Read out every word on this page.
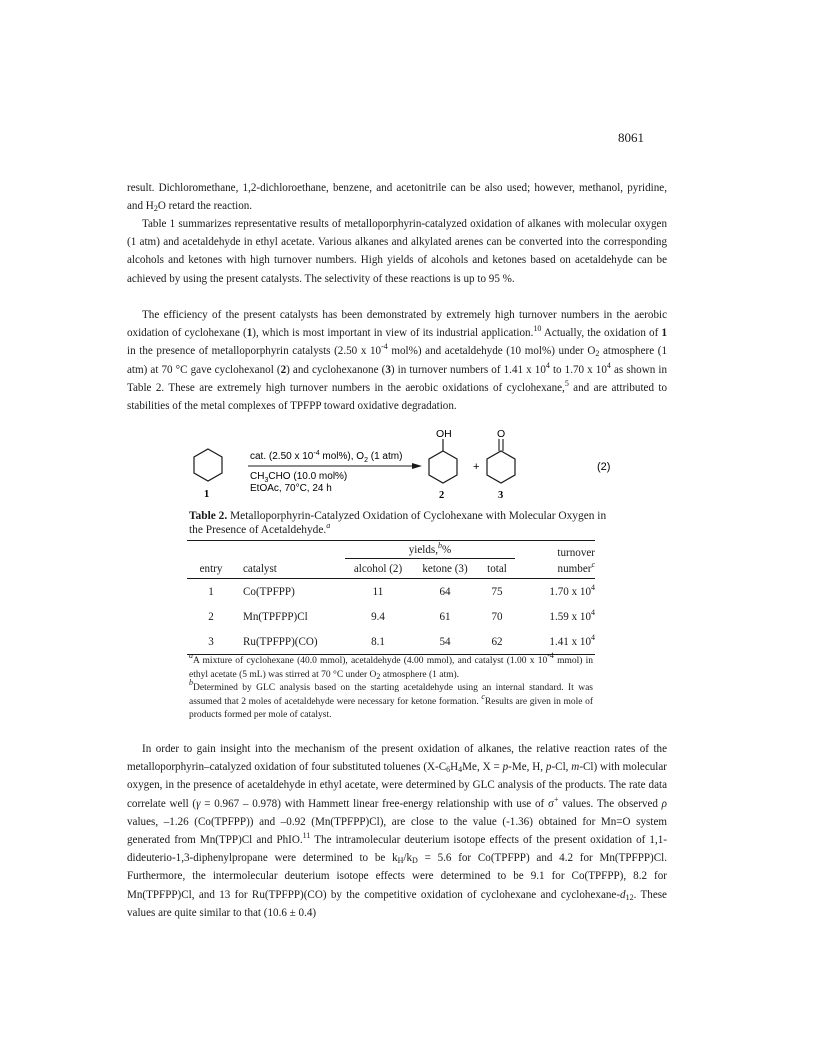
8061

result. Dichloromethane, 1,2-dichloroethane, benzene, and acetonitrile can be also used; however, methanol, pyridine, and $H_2O$ retard the reaction.

Table 1 summarizes representative results of metalloporphyrin-catalyzed oxidation of alkanes with molecular oxygen (1 atm) and acetaldehyde in ethyl acetate. Various alkanes and alkylated arenes can be converted into the corresponding alcohols and ketones with high turnover numbers. High yields of alcohols and ketones based on acetaldehyde can be achieved by using the present catalysts. The selectivity of these reactions is up to 95 %.

The efficiency of the present catalysts has been demonstrated by extremely high turnover numbers in the aerobic oxidation of cyclohexane (1), which is most important in view of its industrial application.$^{10}$ Actually, the oxidation of 1 in the presence of metalloporphyrin catalysts (2.50 x $10^{-4}$ mol%) and acetaldehyde (10 mol%) under $O_2$ atmosphere (1 atm) at 70 °C gave cyclohexanol (2) and cyclohexanone (3) in turnover numbers of 1.41 x $10^4$ to 1.70 x $10^4$ as shown in Table 2. These are extremely high turnover numbers in the aerobic oxidations of cyclohexane,$^5$ and are attributed to stabilities of the metal complexes of TPFPP toward oxidative degradation.

1
cat. (2.50 x $10^{-4}$ mol%), $O_2$ (1 atm)
$CH_3CHO$ (10.0 mol%)
EtOAc, 70°C, 24 h
OH
2
+
O
3
(2)

Table 2. Metalloporphyrin-Catalyzed Oxidation of Cyclohexane with Molecular Oxygen in the Presence of Acetaldehyde.$^a$

		yields,$^b$%			turnover
entry	catalyst	alcohol (2)	ketone (3)	total	number$^c$
1	Co(TPFPP)	11	64	75	1.70 x $10^4$
2	Mn(TPFPP)Cl	9.4	61	70	1.59 x $10^4$
3	Ru(TPFPP)(CO)	8.1	54	62	1.41 x $10^4$

$^a$A mixture of cyclohexane (40.0 mmol), acetaldehyde (4.00 mmol), and catalyst (1.00 x $10^{-4}$ mmol) in ethyl acetate (5 mL) was stirred at 70 °C under $O_2$ atmosphere (1 atm).
$^b$Determined by GLC analysis based on the starting acetaldehyde using an internal standard. It was assumed that 2 moles of acetaldehyde were necessary for ketone formation. $^c$Results are given in mole of products formed per mole of catalyst.

In order to gain insight into the mechanism of the present oxidation of alkanes, the relative reaction rates of the metalloporphyrin–catalyzed oxidation of four substituted toluenes ($X-C_6H_4Me$, X = p-Me, H, p-Cl, m-Cl) with molecular oxygen, in the presence of acetaldehyde in ethyl acetate, were determined by GLC analysis of the products. The rate data correlate well (γ = 0.967 – 0.978) with Hammett linear free-energy relationship with use of σ+ values. The observed ρ values, –1.26 (Co(TPFPP)) and –0.92 (Mn(TPFPP)Cl), are close to the value (-1.36) obtained for Mn=O system generated from Mn(TPP)Cl and PhIO.$^{11}$ The intramolecular deuterium isotope effects of the present oxidation of 1,1-dideuterio-1,3-diphenylpropane were determined to be $k_H/k_D = 5.6$ for Co(TPFPP) and 4.2 for Mn(TPFPP)Cl. Furthermore, the intermolecular deuterium isotope effects were determined to be 9.1 for Co(TPFPP), 8.2 for Mn(TPFPP)Cl, and 13 for Ru(TPFPP)(CO) by the competitive oxidation of cyclohexane and cyclohexane-$d_{12}$. These values are quite similar to that (10.6 ± 0.4)
